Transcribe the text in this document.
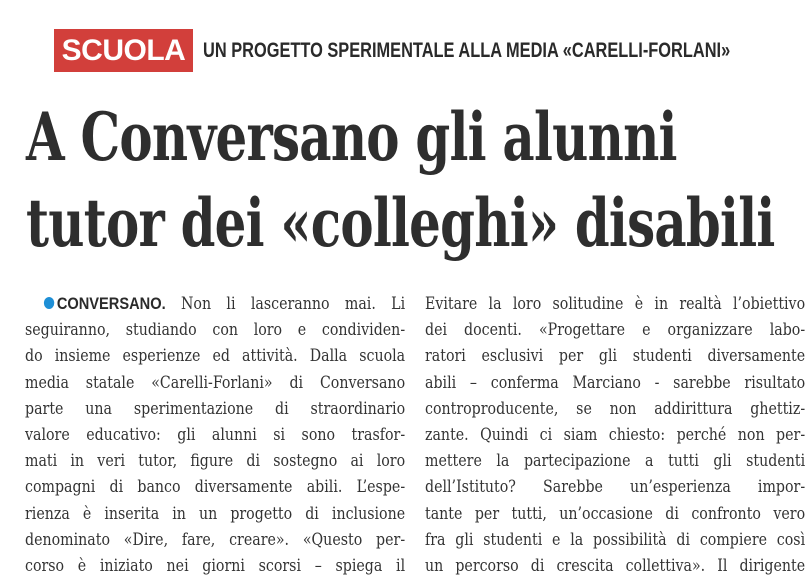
SCUOLA UN PROGETTO SPERIMENTALE ALLA MEDIA «CARELLI-FORLANI»
A Conversano gli alunni
tutor dei «colleghi» disabili
CONVERSANO. Non li lasceranno mai. Li
seguiranno, studiando con loro e condividen-
do insieme esperienze ed attività. Dalla scuola
media statale «Carelli-Forlani» di Conversano
parte una sperimentazione di straordinario
valore educativo: gli alunni si sono trasfor-
mati in veri tutor, figure di sostegno ai loro
compagni di banco diversamente abili. L’espe-
rienza è inserita in un progetto di inclusione
denominato «Dire, fare, creare». «Questo per-
corso è iniziato nei giorni scorsi – spiega il
Evitare la loro solitudine è in realtà l’obiettivo
dei docenti. «Progettare e organizzare labo-
ratori esclusivi per gli studenti diversamente
abili – conferma Marciano - sarebbe risultato
controproducente, se non addirittura ghettiz-
zante. Quindi ci siam chiesto: perché non per-
mettere la partecipazione a tutti gli studenti
dell’Istituto? Sarebbe un’esperienza impor-
tante per tutti, un’occasione di confronto vero
fra gli studenti e la possibilità di compiere così
un percorso di crescita collettiva». Il dirigente
